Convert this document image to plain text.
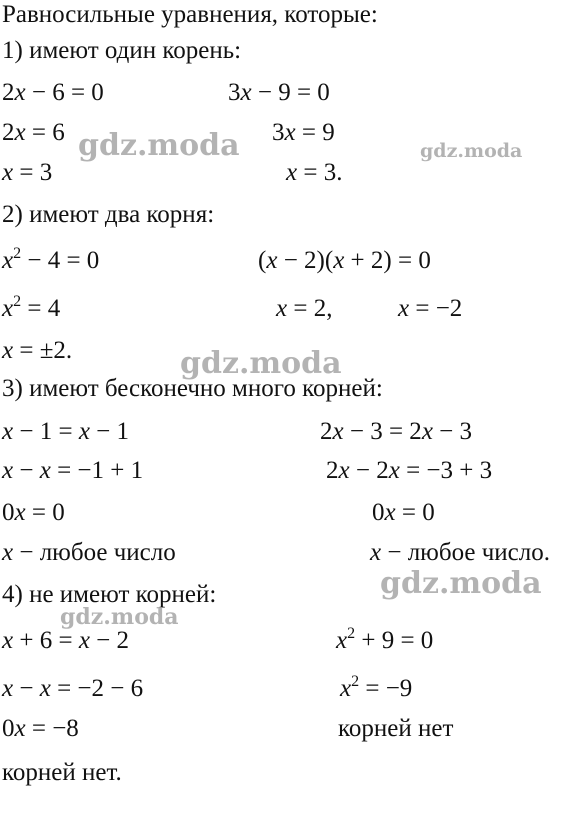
Равносильные уравнения, которые:
1) имеют один корень:
2x − 6 = 0	3x − 9 = 0
2x = 6	3x = 9
x = 3	x = 3.
2) имеют два корня:
$x^2 - 4 = 0$	(x − 2)(x + 2) = 0
$x^2 = 4$	x = 2,	x = −2
x = ±2.
3) имеют бесконечно много корней:
x − 1 = x − 1	2x − 3 = 2x − 3
x − x = −1 + 1	2x − 2x = −3 + 3
0x = 0	0x = 0
x − любое число	x − любое число.
4) не имеют корней:
x + 6 = x − 2	$x^2 + 9 = 0$
x − x = −2 − 6	$x^2 = -9$
0x = −8	корней нет
корней нет.
gdz.moda	gdz.moda
gdz.moda
gdz.moda
gdz.moda
